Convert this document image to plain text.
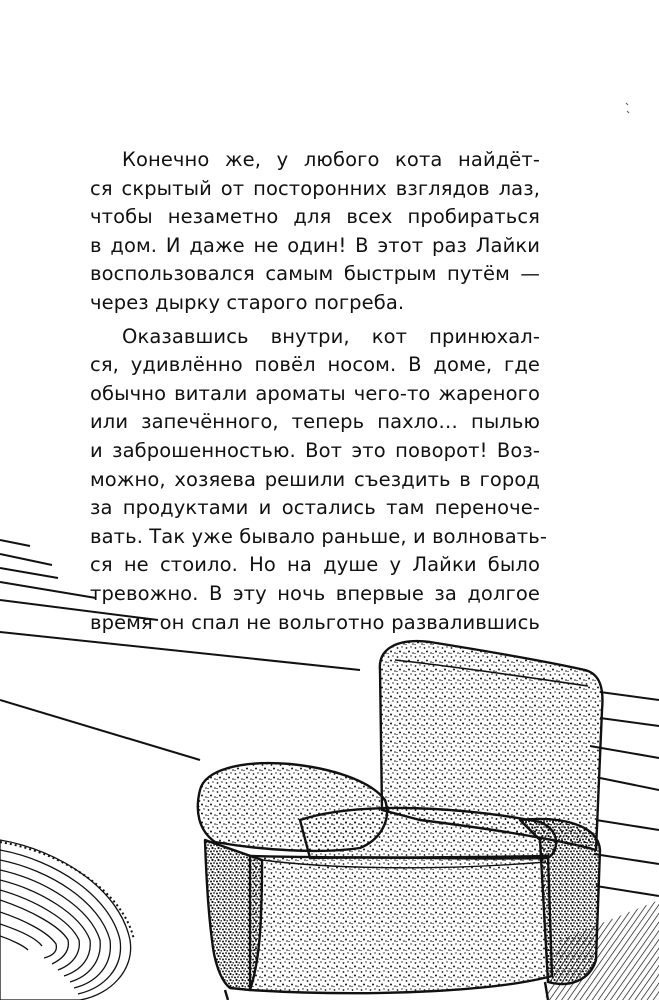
Конечно же, у любого кота найдёт-
ся скрытый от посторонних взглядов лаз,
чтобы незаметно для всех пробираться
в дом. И даже не один! В этот раз Лайки
воспользовался самым быстрым путём —
через дырку старого погреба.
Оказавшись внутри, кот принюхал-
ся, удивлённо повёл носом. В доме, где
обычно витали ароматы чего-то жареного
или запечённого, теперь пахло… пылью
и заброшенностью. Вот это поворот! Воз-
можно, хозяева решили съездить в город
за продуктами и остались там переночe-
вать. Так уже бывало раньше, и волновать-
ся не стоило. Но на душе у Лайки было
тревожно. В эту ночь впервые за долгое
время он спал не вольготно развалившись
